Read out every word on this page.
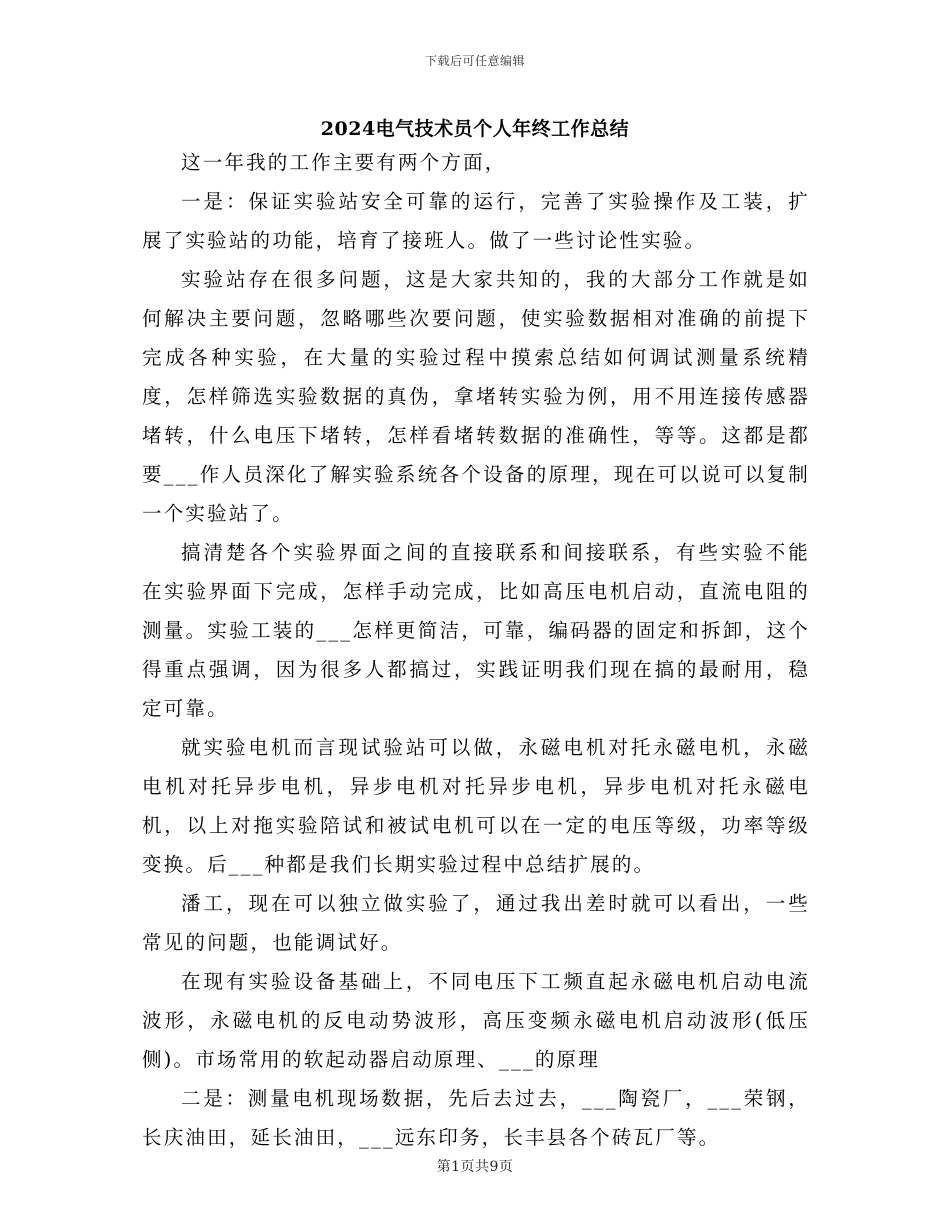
下载后可任意编辑
2024电气技术员个人年终工作总结

这一年我的工作主要有两个方面，

一是：保证实验站安全可靠的运行，完善了实验操作及工装，扩展了实验站的功能，培育了接班人。做了一些讨论性实验。

实验站存在很多问题，这是大家共知的，我的大部分工作就是如何解决主要问题，忽略哪些次要问题，使实验数据相对准确的前提下完成各种实验，在大量的实验过程中摸索总结如何调试测量系统精度，怎样筛选实验数据的真伪，拿堵转实验为例，用不用连接传感器堵转，什么电压下堵转，怎样看堵转数据的准确性，等等。这都是都要___作人员深化了解实验系统各个设备的原理，现在可以说可以复制一个实验站了。

搞清楚各个实验界面之间的直接联系和间接联系，有些实验不能在实验界面下完成，怎样手动完成，比如高压电机启动，直流电阻的测量。实验工装的___怎样更简洁，可靠，编码器的固定和拆卸，这个得重点强调，因为很多人都搞过，实践证明我们现在搞的最耐用，稳定可靠。

就实验电机而言现试验站可以做，永磁电机对托永磁电机，永磁电机对托异步电机，异步电机对托异步电机，异步电机对托永磁电机，以上对拖实验陪试和被试电机可以在一定的电压等级，功率等级变换。后___种都是我们长期实验过程中总结扩展的。

潘工，现在可以独立做实验了，通过我出差时就可以看出，一些常见的问题，也能调试好。

在现有实验设备基础上，不同电压下工频直起永磁电机启动电流波形，永磁电机的反电动势波形，高压变频永磁电机启动波形(低压侧)。市场常用的软起动器启动原理、___的原理

二是：测量电机现场数据，先后去过去，___陶瓷厂，___荣钢，长庆油田，延长油田，___远东印务，长丰县各个砖瓦厂等。

第1页共9页
